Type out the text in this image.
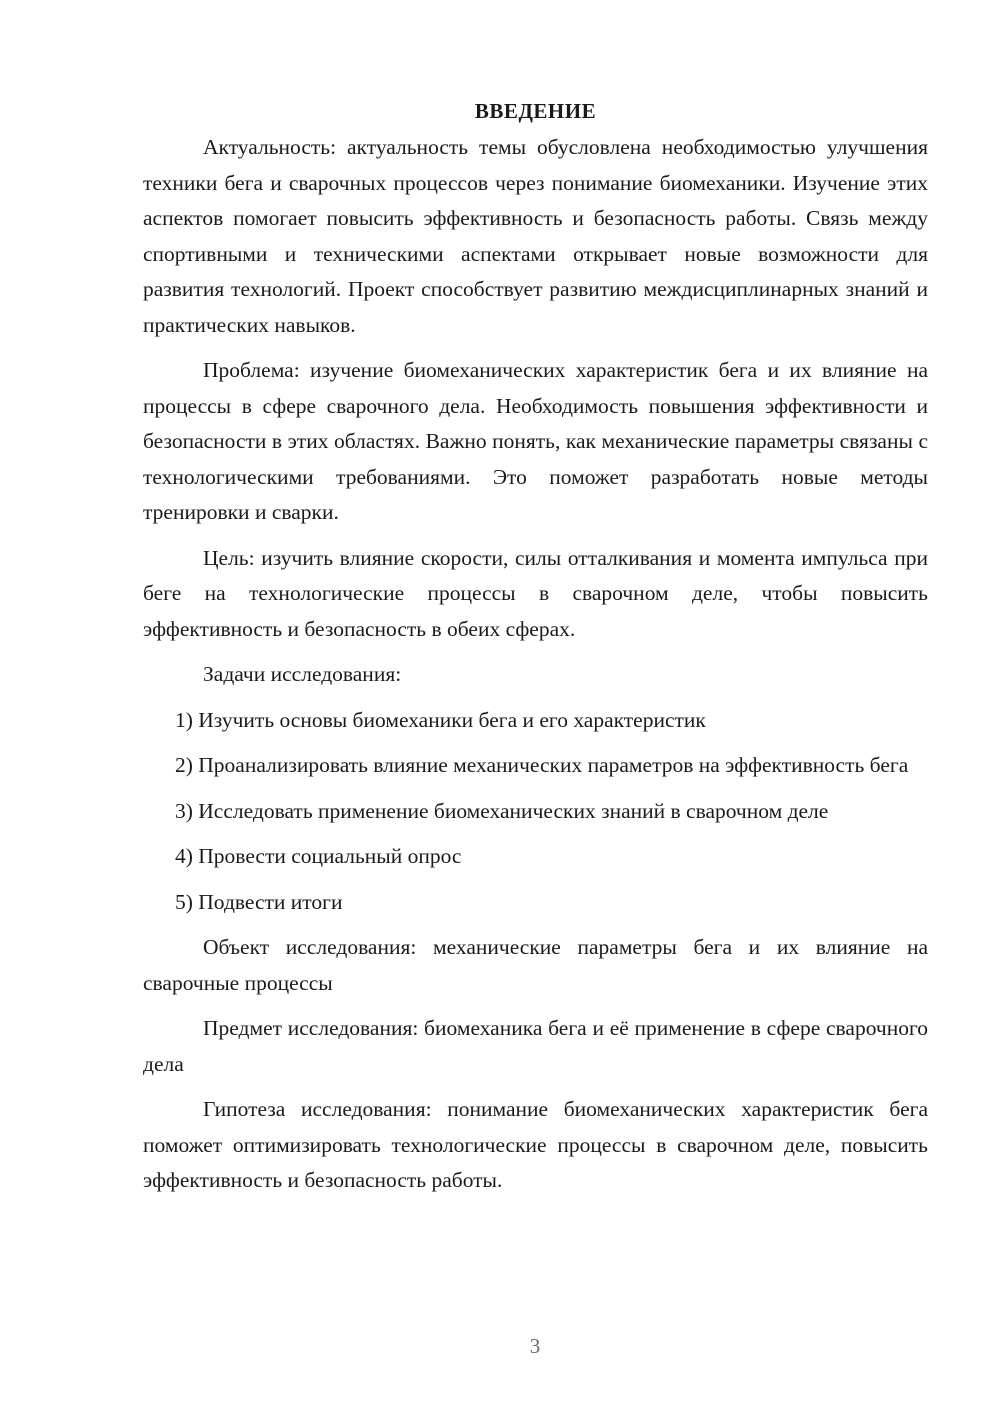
ВВЕДЕНИЕ

Актуальность: актуальность темы обусловлена необходимостью улучшения техники бега и сварочных процессов через понимание биомеханики. Изучение этих аспектов помогает повысить эффективность и безопасность работы. Связь между спортивными и техническими аспектами открывает новые возможности для развития технологий. Проект способствует развитию междисциплинарных знаний и практических навыков.

Проблема: изучение биомеханических характеристик бега и их влияние на процессы в сфере сварочного дела. Необходимость повышения эффективности и безопасности в этих областях. Важно понять, как механические параметры связаны с технологическими требованиями. Это поможет разработать новые методы тренировки и сварки.

Цель: изучить влияние скорости, силы отталкивания и момента импульса при беге на технологические процессы в сварочном деле, чтобы повысить эффективность и безопасность в обеих сферах.

Задачи исследования:

1) Изучить основы биомеханики бега и его характеристик

2) Проанализировать влияние механических параметров на эффективность бега

3) Исследовать применение биомеханических знаний в сварочном деле

4) Провести социальный опрос

5) Подвести итоги

Объект исследования: механические параметры бега и их влияние на сварочные процессы

Предмет исследования: биомеханика бега и её применение в сфере сварочного дела

Гипотеза исследования: понимание биомеханических характеристик бега поможет оптимизировать технологические процессы в сварочном деле, повысить эффективность и безопасность работы.

3
